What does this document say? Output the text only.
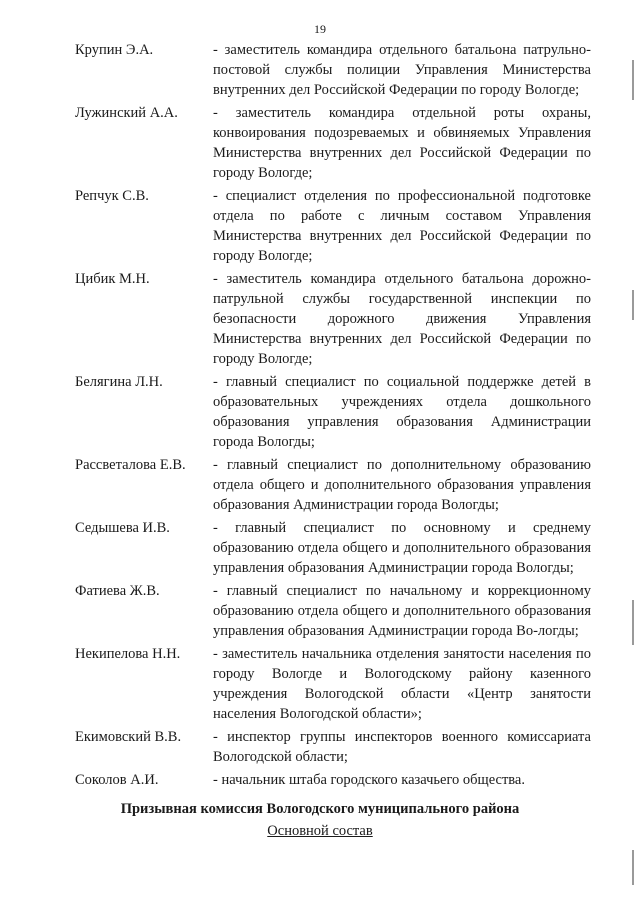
19
Крупин Э.А.	- заместитель командира отдельного батальона патрульно-постовой службы полиции Управления Министерства внутренних дел Российской Федерации по городу Вологде;
Лужинский А.А.	- заместитель командира отдельной роты охраны, конвоирования подозреваемых и обвиняемых Управления Министерства внутренних дел Российской Федерации по городу Вологде;
Репчук С.В.	- специалист отделения по профессиональной подготовке отдела по работе с личным составом Управления Министерства внутренних дел Российской Федерации по городу Вологде;
Цибик М.Н.	- заместитель командира отдельного батальона дорожно-патрульной службы государственной инспекции по безопасности дорожного движения Управления Министерства внутренних дел Российской Федерации по городу Вологде;
Белягина Л.Н.	- главный специалист по социальной поддержке детей в образовательных учреждениях отдела дошкольного образования управления образования Администрации города Вологды;
Рассветалова Е.В.	- главный специалист по дополнительному образованию отдела общего и дополнительного образования управления образования Администрации города Вологды;
Седышева И.В.	- главный специалист по основному и среднему образованию отдела общего и дополнительного образования управления образования Администрации города Вологды;
Фатиева Ж.В.	- главный специалист по начальному и коррекционному образованию отдела общего и дополнительного образования управления образования Администрации города Во-логды;
Некипелова Н.Н.	- заместитель начальника отделения занятости населения по городу Вологде и Вологодскому району казенного учреждения Вологодской области «Центр занятости населения Вологодской области»;
Екимовский В.В.	- инспектор группы инспекторов военного комиссариата Вологодской области;
Соколов А.И.	- начальник штаба городского казачьего общества.
Призывная комиссия Вологодского муниципального района
Основной состав
